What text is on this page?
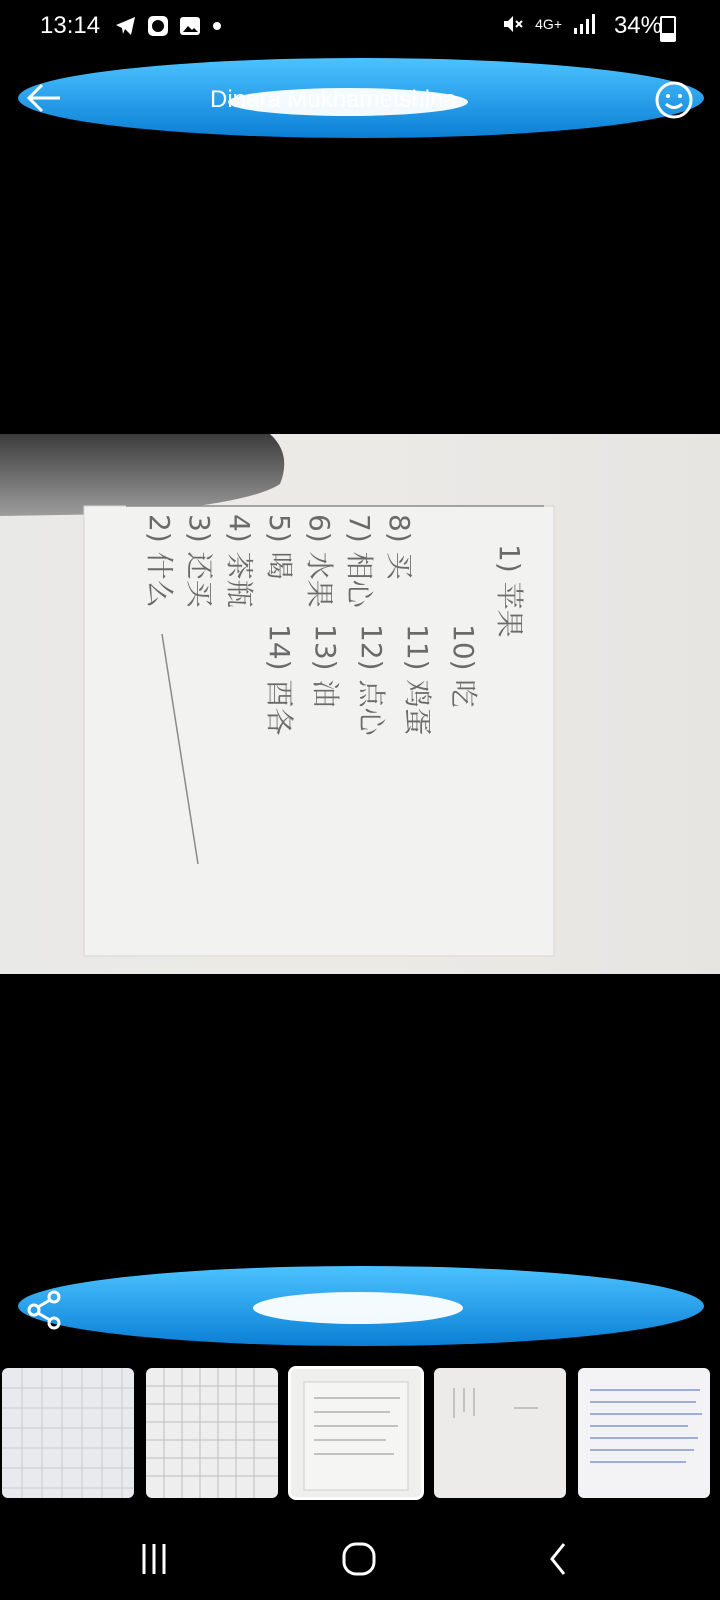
13:14	4G+ 34%
Dinara Mukhametshina
1) 苹果
10) 吃
11) 鸡蛋
12) 点心
13) 油
14) 酉各
2) 什么 3) 还买 4) 茶瓶 5) 喝 6) 水果 7) 相心 8) 买
